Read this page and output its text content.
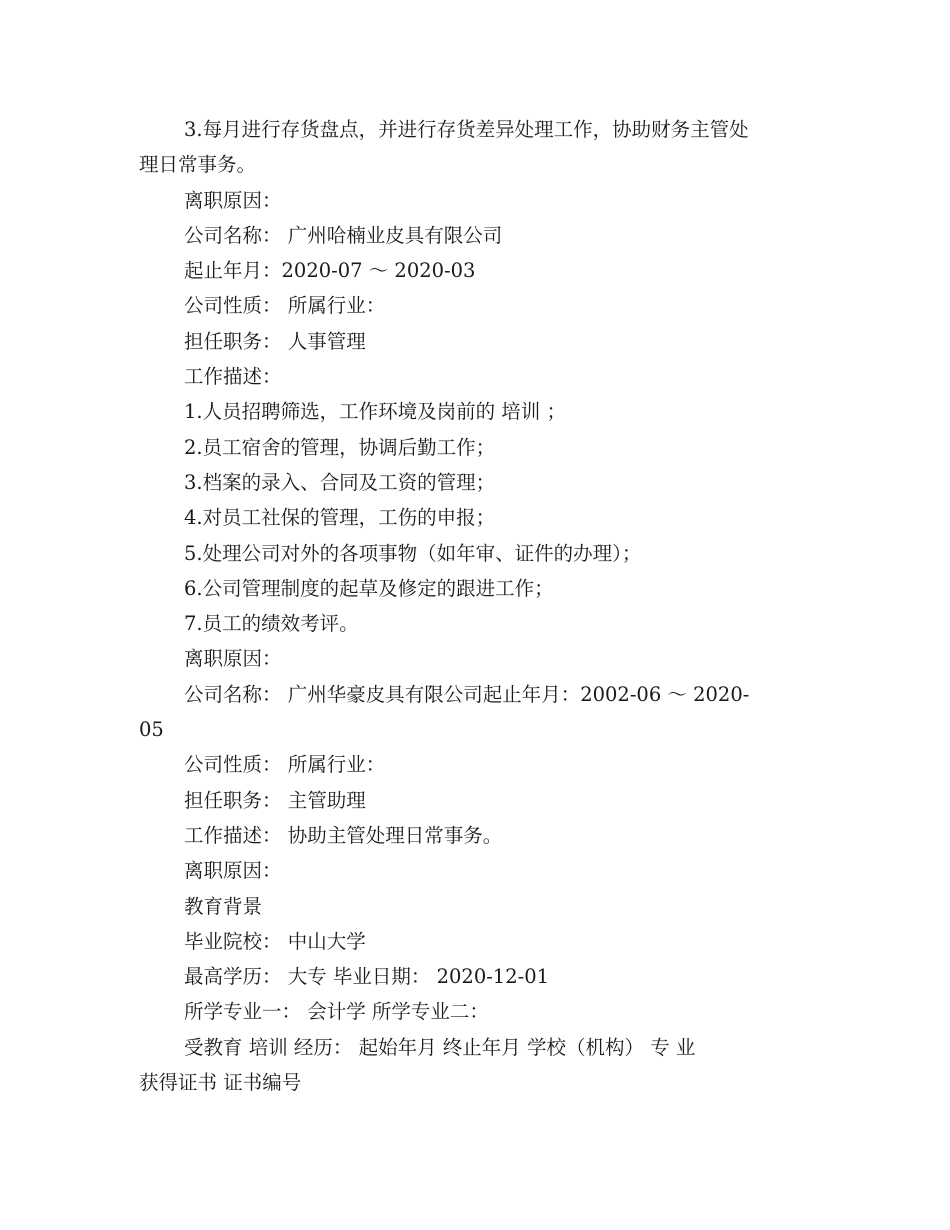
3.每月进行存货盘点，并进行存货差异处理工作，协助财务主管处

理日常事务。

离职原因：

公司名称： 广州哈楠业皮具有限公司

起止年月：2020-07 ～ 2020-03

公司性质： 所属行业：

担任职务： 人事管理

工作描述：

1.人员招聘筛选，工作环境及岗前的 培训 ；

2.员工宿舍的管理，协调后勤工作；

3.档案的录入、合同及工资的管理；

4.对员工社保的管理，工伤的申报；

5.处理公司对外的各项事物（如年审、证件的办理）；

6.公司管理制度的起草及修定的跟进工作；

7.员工的绩效考评。

离职原因：

公司名称： 广州华豪皮具有限公司起止年月：2002-06 ～ 2020-

05

公司性质： 所属行业：

担任职务： 主管助理

工作描述： 协助主管处理日常事务。

离职原因：

教育背景

毕业院校： 中山大学

最高学历： 大专 毕业日期： 2020-12-01

所学专业一： 会计学 所学专业二：

受教育 培训 经历： 起始年月 终止年月 学校（机构） 专 业

获得证书 证书编号
